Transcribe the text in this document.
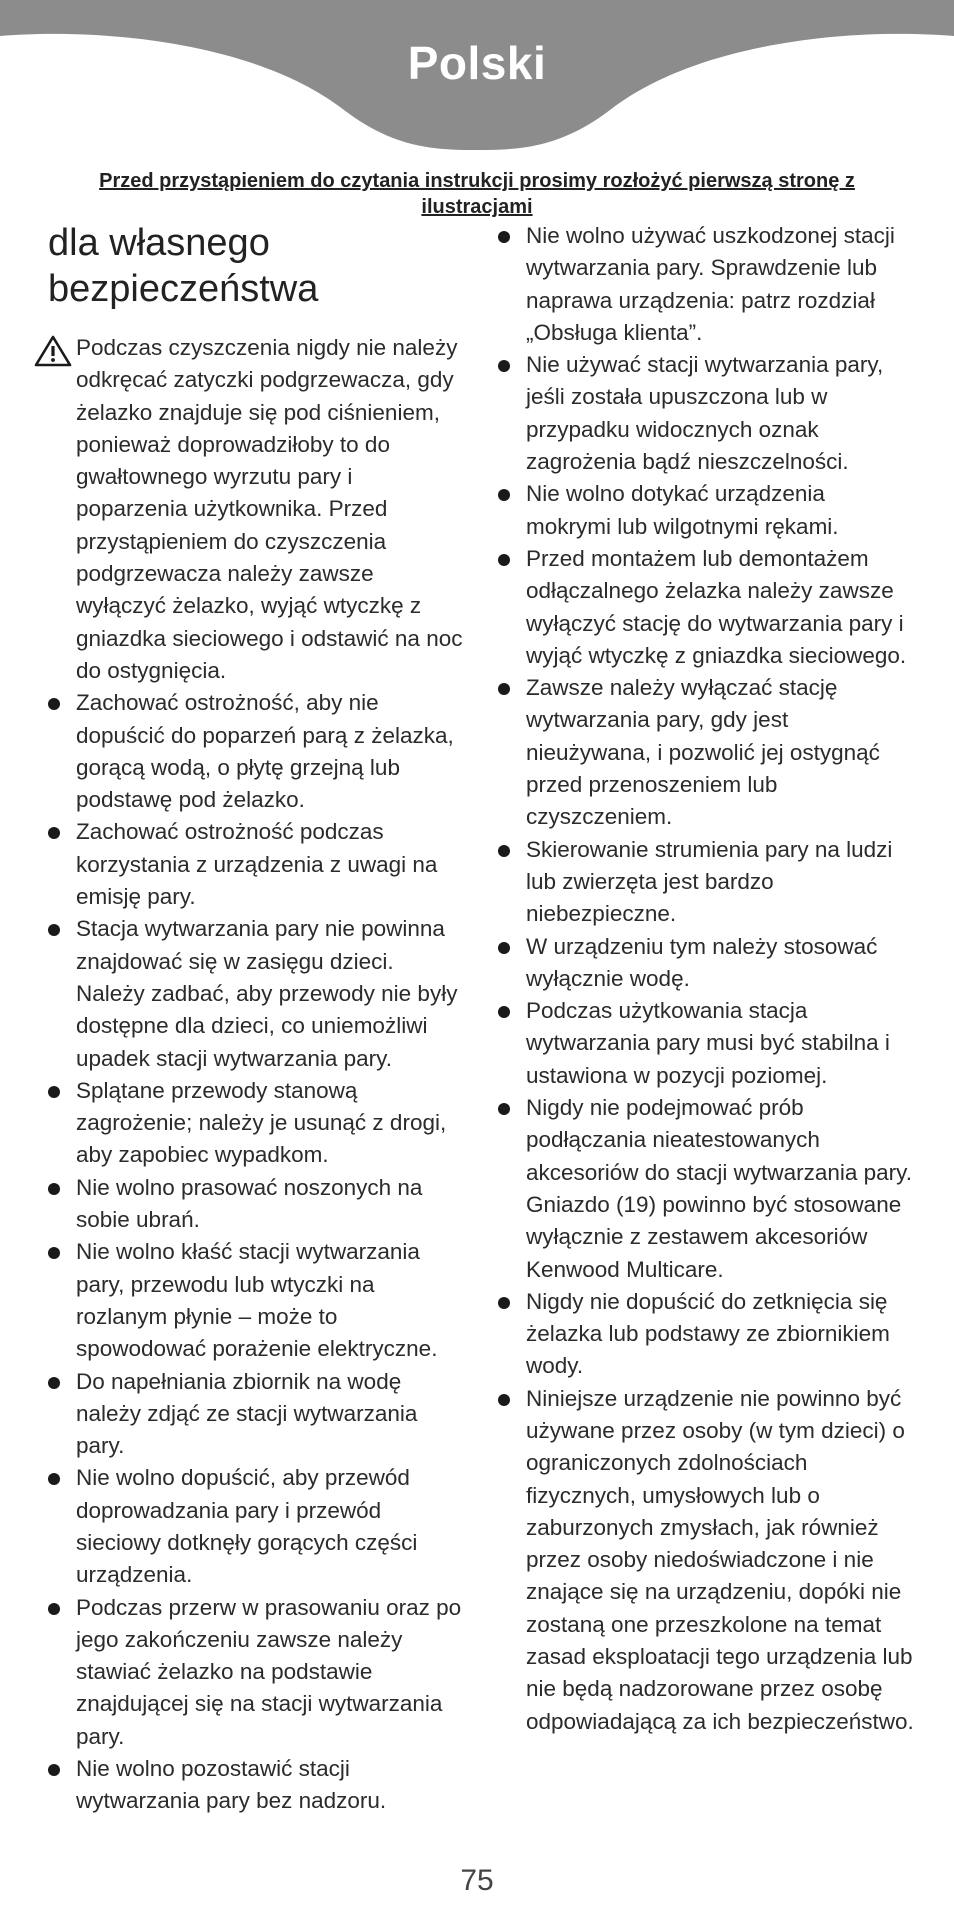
Polski
Przed przystąpieniem do czytania instrukcji prosimy rozłożyć pierwszą stronę z ilustracjami
dla własnego bezpieczeństwa
Podczas czyszczenia nigdy nie należy odkręcać zatyczki podgrzewacza, gdy żelazko znajduje się pod ciśnieniem, ponieważ doprowadziłoby to do gwałtownego wyrzutu pary i poparzenia użytkownika. Przed przystąpieniem do czyszczenia podgrzewacza należy zawsze wyłączyć żelazko, wyjąć wtyczkę z gniazdka sieciowego i odstawić na noc do ostygnięcia.
Zachować ostrożność, aby nie dopuścić do poparzeń parą z żelazka, gorącą wodą, o płytę grzejną lub podstawę pod żelazko.
Zachować ostrożność podczas korzystania z urządzenia z uwagi na emisję pary.
Stacja wytwarzania pary nie powinna znajdować się w zasięgu dzieci. Należy zadbać, aby przewody nie były dostępne dla dzieci, co uniemożliwi upadek stacji wytwarzania pary.
Splątane przewody stanową zagrożenie; należy je usunąć z drogi, aby zapobiec wypadkom.
Nie wolno prasować noszonych na sobie ubrań.
Nie wolno kłaść stacji wytwarzania pary, przewodu lub wtyczki na rozlanym płynie – może to spowodować porażenie elektryczne.
Do napełniania zbiornik na wodę należy zdjąć ze stacji wytwarzania pary.
Nie wolno dopuścić, aby przewód doprowadzania pary i przewód sieciowy dotknęły gorących części urządzenia.
Podczas przerw w prasowaniu oraz po jego zakończeniu zawsze należy stawiać żelazko na podstawie znajdującej się na stacji wytwarzania pary.
Nie wolno pozostawić stacji wytwarzania pary bez nadzoru.
Nie wolno używać uszkodzonej stacji wytwarzania pary. Sprawdzenie lub naprawa urządzenia: patrz rozdział „Obsługa klienta”.
Nie używać stacji wytwarzania pary, jeśli została upuszczona lub w przypadku widocznych oznak zagrożenia bądź nieszczelności.
Nie wolno dotykać urządzenia mokrymi lub wilgotnymi rękami.
Przed montażem lub demontażem odłączalnego żelazka należy zawsze wyłączyć stację do wytwarzania pary i wyjąć wtyczkę z gniazdka sieciowego.
Zawsze należy wyłączać stację wytwarzania pary, gdy jest nieużywana, i pozwolić jej ostygnąć przed przenoszeniem lub czyszczeniem.
Skierowanie strumienia pary na ludzi lub zwierzęta jest bardzo niebezpieczne.
W urządzeniu tym należy stosować wyłącznie wodę.
Podczas użytkowania stacja wytwarzania pary musi być stabilna i ustawiona w pozycji poziomej.
Nigdy nie podejmować prób podłączania nieatestowanych akcesoriów do stacji wytwarzania pary. Gniazdo (19) powinno być stosowane wyłącznie z zestawem akcesoriów Kenwood Multicare.
Nigdy nie dopuścić do zetknięcia się żelazka lub podstawy ze zbiornikiem wody.
Niniejsze urządzenie nie powinno być używane przez osoby (w tym dzieci) o ograniczonych zdolnościach fizycznych, umysłowych lub o zaburzonych zmysłach, jak również przez osoby niedoświadczone i nie znające się na urządzeniu, dopóki nie zostaną one przeszkolone na temat zasad eksploatacji tego urządzenia lub nie będą nadzorowane przez osobę odpowiadającą za ich bezpieczeństwo.
75
